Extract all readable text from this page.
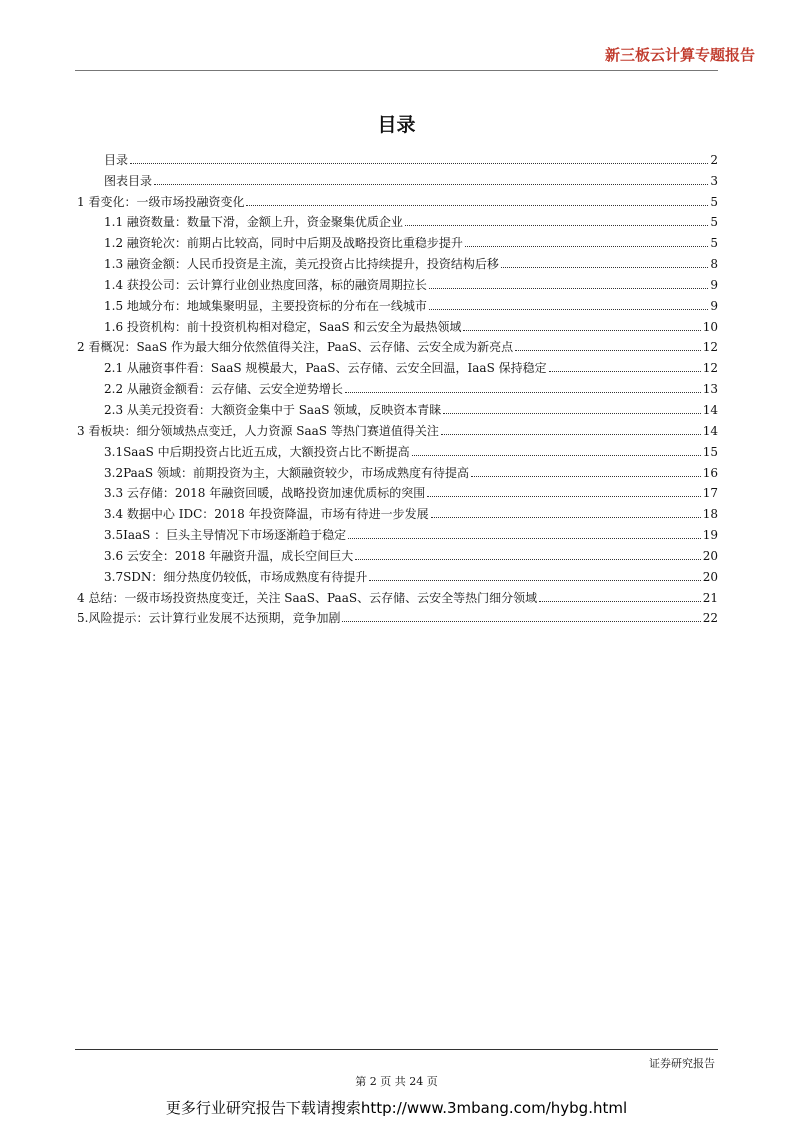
新三板云计算专题报告
目录
目录	2
图表目录	3
1 看变化：一级市场投融资变化	5
1.1 融资数量：数量下滑，金额上升，资金聚集优质企业	5
1.2 融资轮次：前期占比较高，同时中后期及战略投资比重稳步提升	5
1.3 融资金额：人民币投资是主流，美元投资占比持续提升，投资结构后移	8
1.4 获投公司：云计算行业创业热度回落，标的融资周期拉长	9
1.5 地域分布：地域集聚明显，主要投资标的分布在一线城市	9
1.6 投资机构：前十投资机构相对稳定，SaaS 和云安全为最热领域	10
2 看概况：SaaS 作为最大细分依然值得关注，PaaS、云存储、云安全成为新亮点	12
2.1 从融资事件看：SaaS 规模最大，PaaS、云存储、云安全回温，IaaS 保持稳定	12
2.2 从融资金额看：云存储、云安全逆势增长	13
2.3 从美元投资看：大额资金集中于 SaaS 领域，反映资本青睐	14
3 看板块：细分领域热点变迁，人力资源 SaaS 等热门赛道值得关注	14
3.1SaaS 中后期投资占比近五成，大额投资占比不断提高	15
3.2PaaS 领域：前期投资为主，大额融资较少，市场成熟度有待提高	16
3.3 云存储：2018 年融资回暖，战略投资加速优质标的突围	17
3.4 数据中心 IDC：2018 年投资降温，市场有待进一步发展	18
3.5IaaS ：巨头主导情况下市场逐渐趋于稳定	19
3.6 云安全：2018 年融资升温，成长空间巨大	20
3.7SDN：细分热度仍较低，市场成熟度有待提升	20
4 总结：一级市场投资热度变迁，关注 SaaS、PaaS、云存储、云安全等热门细分领域	21
5.风险提示：云计算行业发展不达预期，竞争加剧	22
证券研究报告
第 2 页 共 24 页
更多行业研究报告下载请搜索http://www.3mbang.com/hybg.html
